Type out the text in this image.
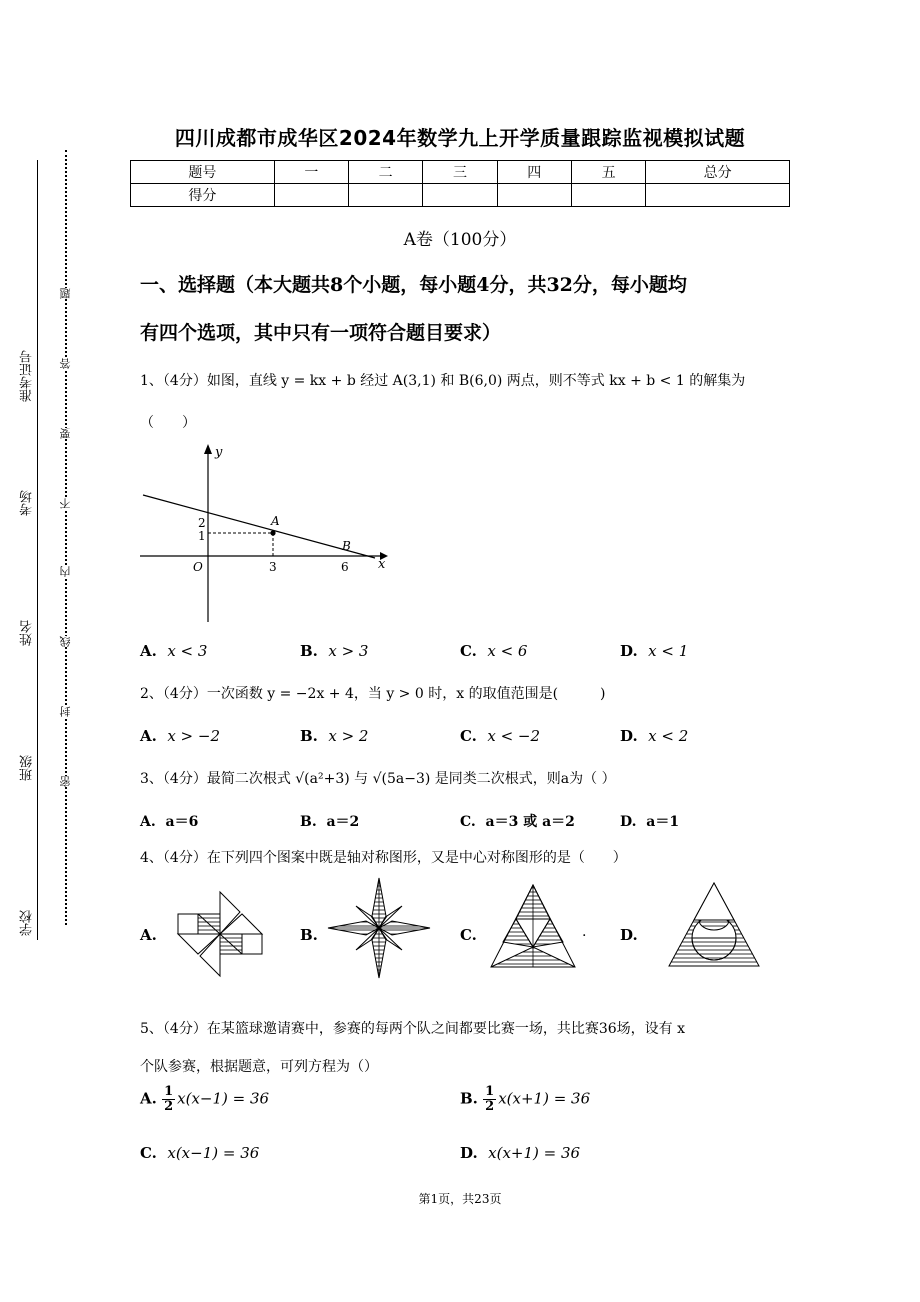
准考证号
考场
姓名
班级
学校
题
答
要
不
内
线
封
密
四川成都市成华区2024年数学九上开学质量跟踪监视模拟试题
题号	一	二	三	四	五	总分
得分						
A卷（100分）
一、选择题（本大题共8个小题，每小题4分，共32分，每小题均
有四个选项，其中只有一项符合题目要求）
1、（4分）如图，直线 y = kx + b 经过 A(3,1) 和 B(6,0) 两点，则不等式 kx + b < 1 的解集为
（　　）
y
x
A
B
O
2
1
3	6
A. x < 3	B. x > 3	C. x < 6	D. x < 1
2、（4分）一次函数 y = −2x + 4，当 y > 0 时，x 的取值范围是(　　　)
A. x > −2	B. x > 2	C. x < −2	D. x < 2
3、（4分）最简二次根式 √(a²+3) 与 √(5a−3) 是同类二次根式，则a为（ ）
A. a＝6	B. a＝2	C. a＝3 或 a＝2	D. a＝1
4、（4分）在下列四个图案中既是轴对称图形，又是中心对称图形的是（　　）
A.	B.	C.	. D.
5、（4分）在某篮球邀请赛中，参赛的每两个队之间都要比赛一场，共比赛36场，设有 x
个队参赛，根据题意，可列方程为（）
A. $\frac{1}{2} x(x-1) = 36$	B. $\frac{1}{2} x(x+1) = 36$
C. x(x−1) = 36	D. x(x+1) = 36
第1页，共23页
